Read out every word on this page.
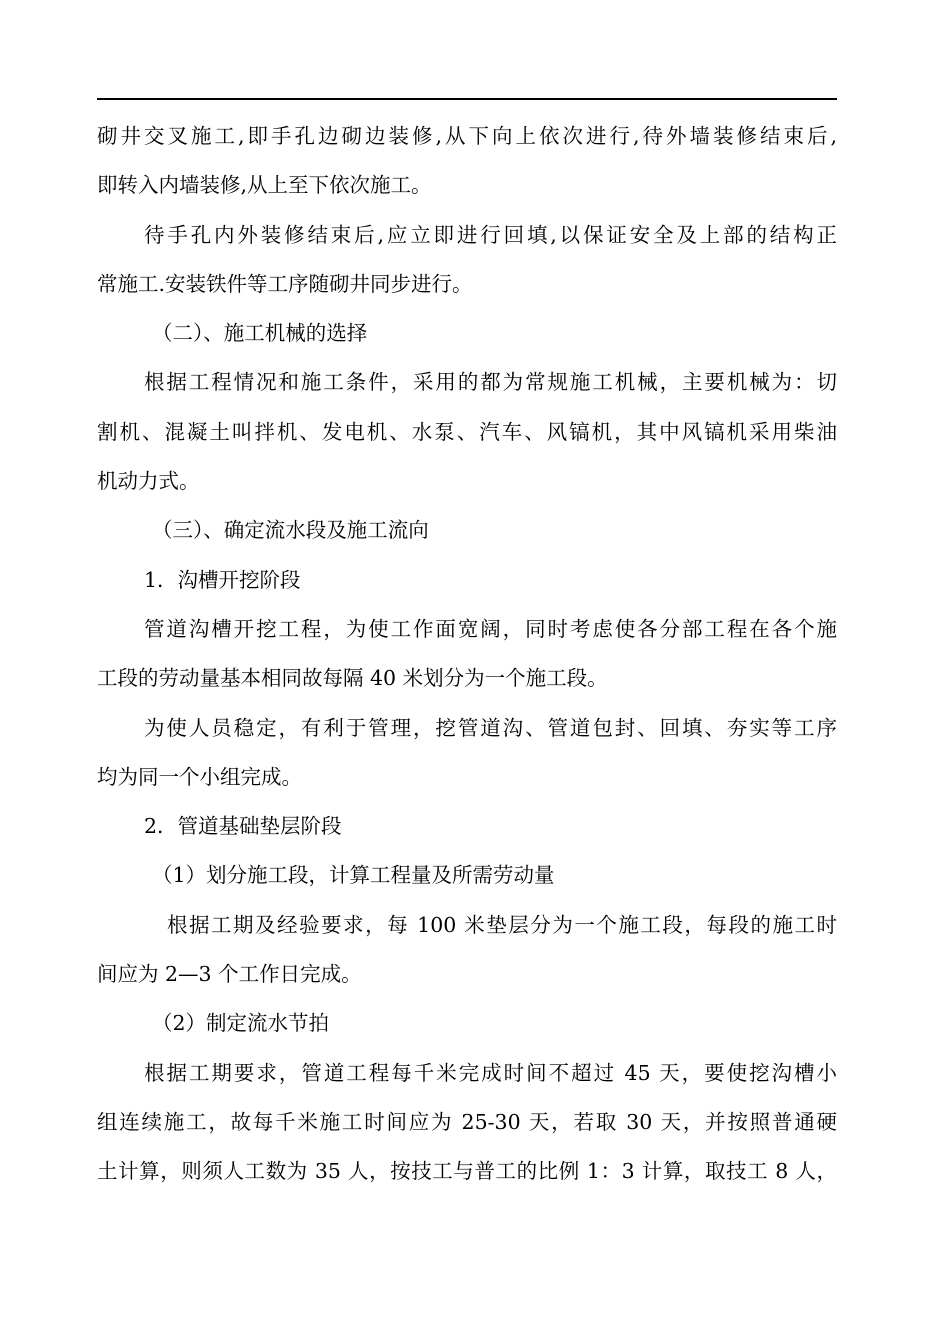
砌井交叉施工,即手孔边砌边装修,从下向上依次进行,待外墙装修结束后,
即转入内墙装修,从上至下依次施工。
待手孔内外装修结束后,应立即进行回填,以保证安全及上部的结构正
常施工.安装铁件等工序随砌井同步进行。
（二）、施工机械的选择
根据工程情况和施工条件，采用的都为常规施工机械，主要机械为：切
割机、混凝土叫拌机、发电机、水泵、汽车、风镐机，其中风镐机采用柴油
机动力式。
（三）、确定流水段及施工流向
1．沟槽开挖阶段
管道沟槽开挖工程，为使工作面宽阔，同时考虑使各分部工程在各个施
工段的劳动量基本相同故每隔 40 米划分为一个施工段。
为使人员稳定，有利于管理，挖管道沟、管道包封、回填、夯实等工序
均为同一个小组完成。
2．管道基础垫层阶段
（1）划分施工段，计算工程量及所需劳动量
根据工期及经验要求，每 100 米垫层分为一个施工段，每段的施工时
间应为 2—3 个工作日完成。
（2）制定流水节拍
根据工期要求，管道工程每千米完成时间不超过 45 天，要使挖沟槽小
组连续施工，故每千米施工时间应为 25-30 天，若取 30 天，并按照普通硬
土计算，则须人工数为 35 人，按技工与普工的比例 1：3 计算，取技工 8 人，
